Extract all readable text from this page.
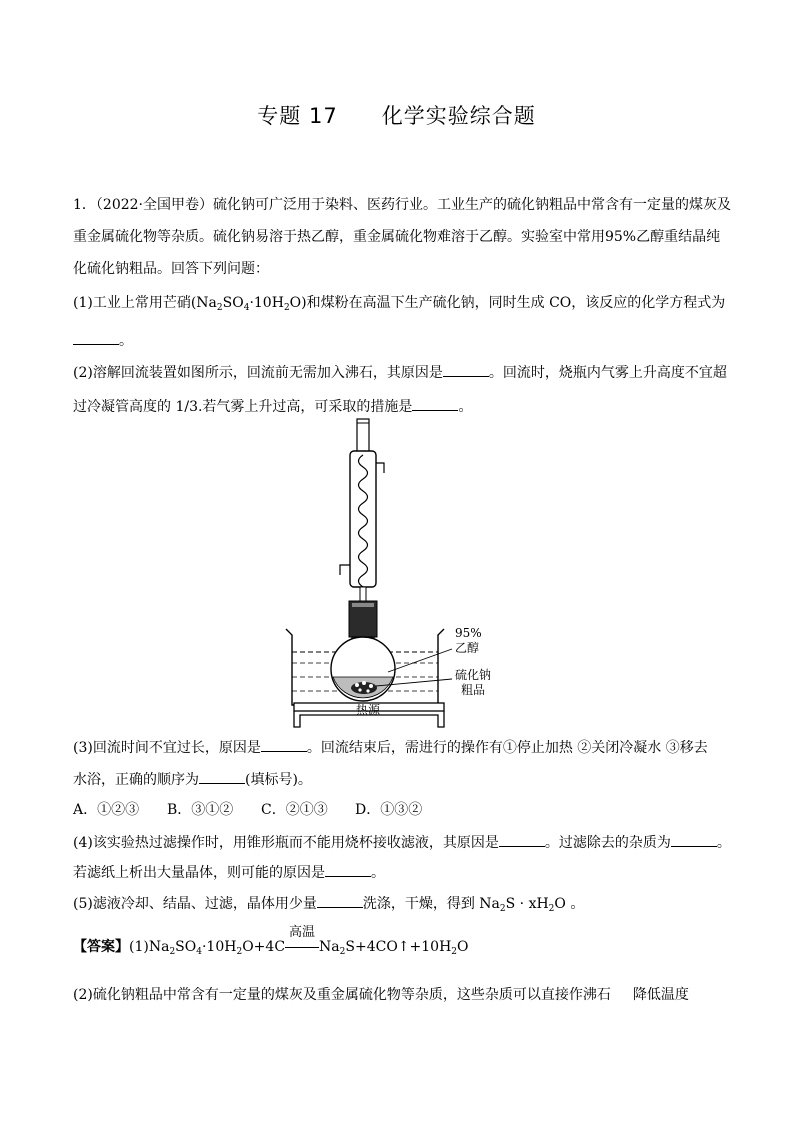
专题 17 化学实验综合题
1．（2022·全国甲卷）硫化钠可广泛用于染料、医药行业。工业生产的硫化钠粗品中常含有一定量的煤灰及
重金属硫化物等杂质。硫化钠易溶于热乙醇，重金属硫化物难溶于乙醇。实验室中常用95%乙醇重结晶纯
化硫化钠粗品。回答下列问题：
(1)工业上常用芒硝$(Na_2SO_4\cdot 10H_2O)$和煤粉在高温下生产硫化钠，同时生成 CO，该反应的化学方程式为
。
(2)溶解回流装置如图所示，回流前无需加入沸石，其原因是	。回流时，烧瓶内气雾上升高度不宜超
过冷凝管高度的 1/3.若气雾上升过高，可采取的措施是	。
95%
乙醇
硫化钠
粗品
热源
(3)回流时间不宜过长，原因是	。回流结束后，需进行的操作有①停止加热 ②关闭冷凝水 ③移去
水浴，正确的顺序为	(填标号)。
A．①②③ B．③①② C．②①③ D．①③②
(4)该实验热过滤操作时，用锥形瓶而不能用烧杯接收滤液，其原因是	。过滤除去的杂质为	。
若滤纸上析出大量晶体，则可能的原因是	。
(5)滤液冷却、结晶、过滤，晶体用少量	洗涤，干燥，得到 $Na_2S \cdot xH_2O$ 。
【答案】$(1)Na_2SO_4\cdot 10H_2O+4C$
高温
$Na_2S+4CO↑+10H_2O$
(2)硫化钠粗品中常含有一定量的煤灰及重金属硫化物等杂质，这些杂质可以直接作沸石 降低温度
